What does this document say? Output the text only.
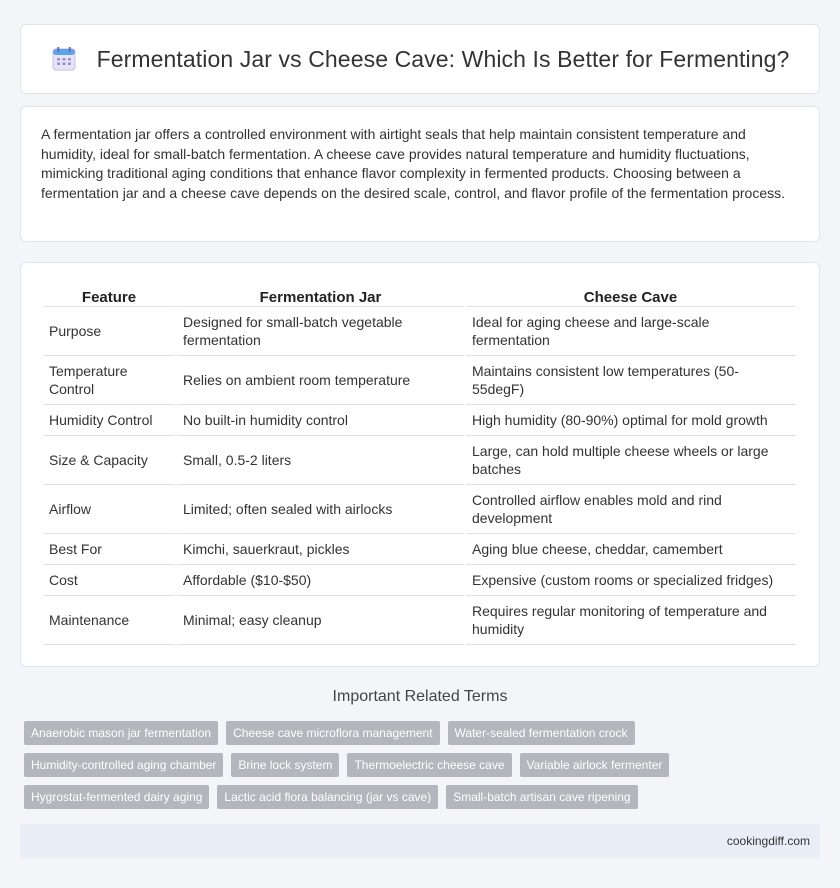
Fermentation Jar vs Cheese Cave: Which Is Better for Fermenting?

A fermentation jar offers a controlled environment with airtight seals that help maintain consistent temperature and humidity, ideal for small-batch fermentation. A cheese cave provides natural temperature and humidity fluctuations, mimicking traditional aging conditions that enhance flavor complexity in fermented products. Choosing between a fermentation jar and a cheese cave depends on the desired scale, control, and flavor profile of the fermentation process.

Feature	Fermentation Jar	Cheese Cave
Purpose	Designed for small-batch vegetable fermentation	Ideal for aging cheese and large-scale fermentation
Temperature Control	Relies on ambient room temperature	Maintains consistent low temperatures (50-55degF)
Humidity Control	No built-in humidity control	High humidity (80-90%) optimal for mold growth
Size & Capacity	Small, 0.5-2 liters	Large, can hold multiple cheese wheels or large batches
Airflow	Limited; often sealed with airlocks	Controlled airflow enables mold and rind development
Best For	Kimchi, sauerkraut, pickles	Aging blue cheese, cheddar, camembert
Cost	Affordable ($10-$50)	Expensive (custom rooms or specialized fridges)
Maintenance	Minimal; easy cleanup	Requires regular monitoring of temperature and humidity
Important Related Terms
Anaerobic mason jar fermentation	Cheese cave microflora management	Water-sealed fermentation crock
Humidity-controlled aging chamber	Brine lock system	Thermoelectric cheese cave	Variable airlock fermenter
Hygrostat-fermented dairy aging	Lactic acid flora balancing (jar vs cave)	Small-batch artisan cave ripening
cookingdiff.com
